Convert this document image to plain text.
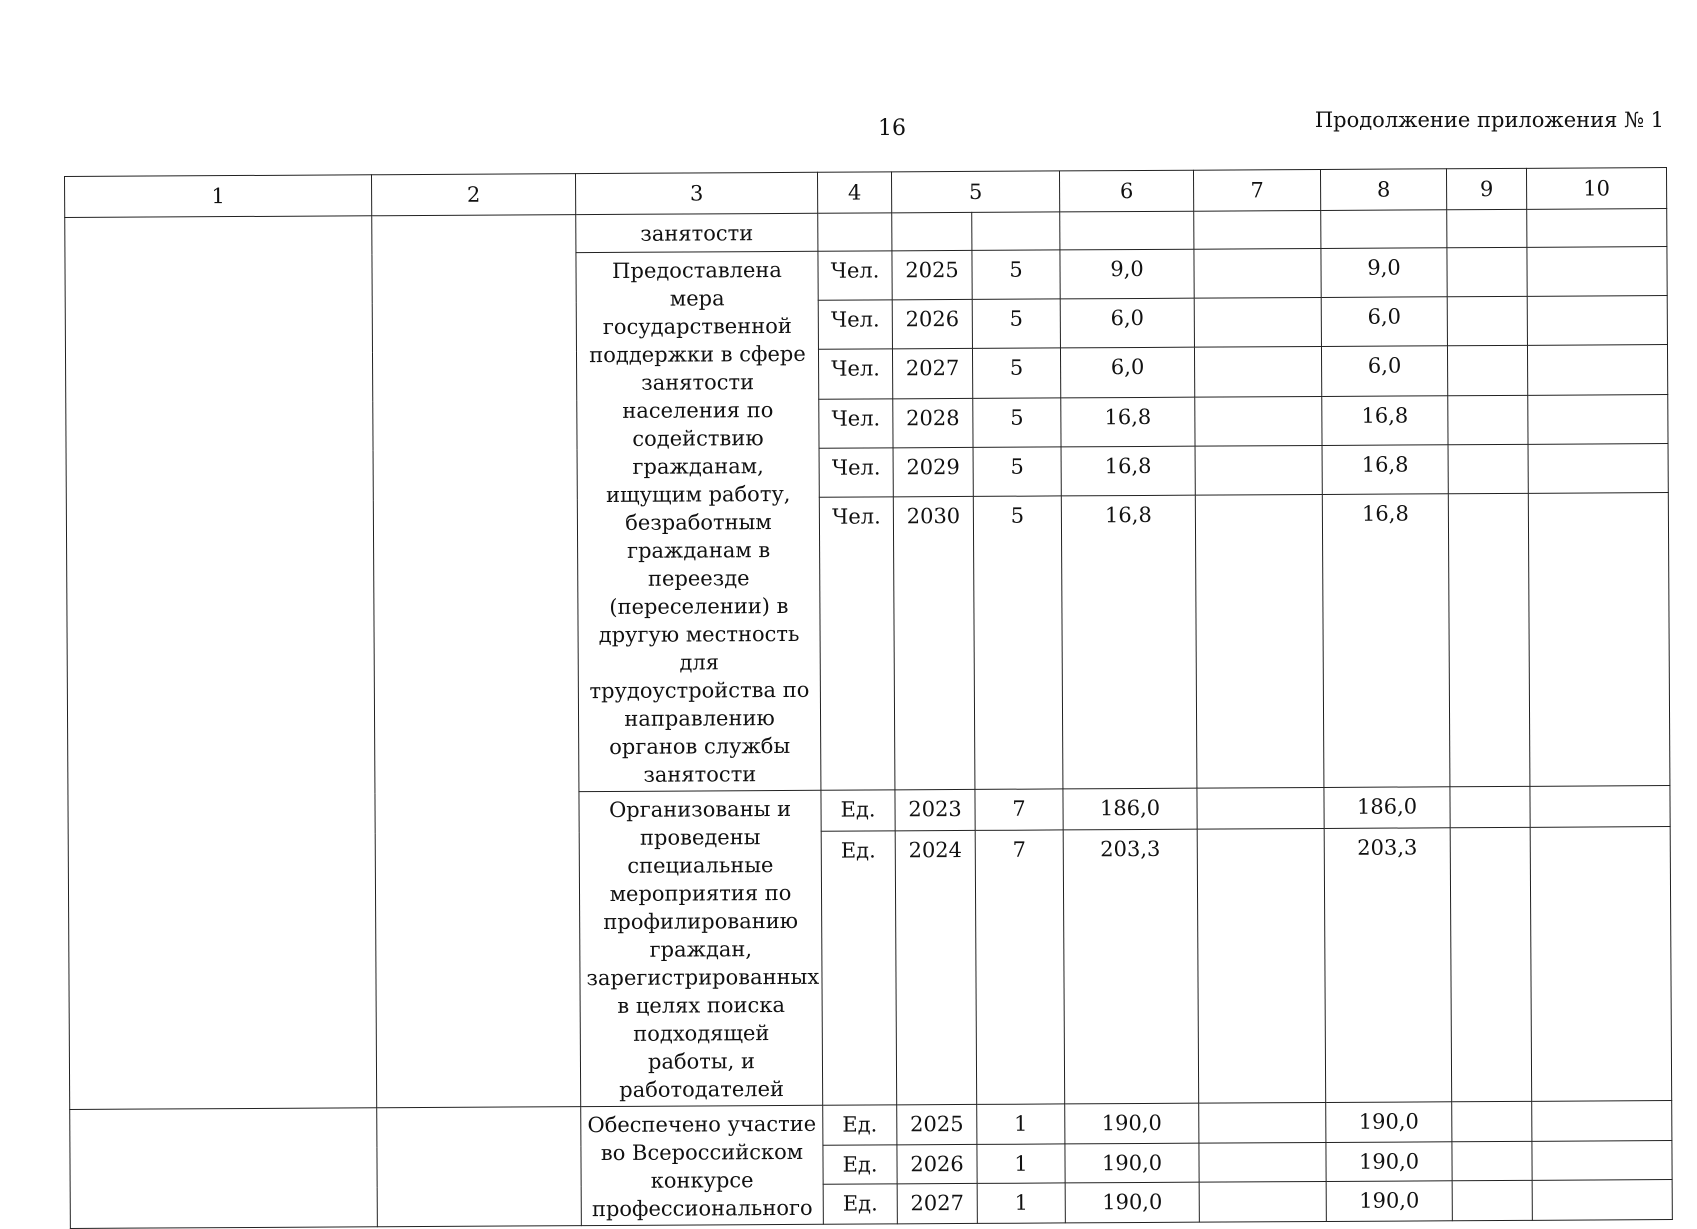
16	Продолжение приложения № 1
1	2	3	4	5		6	7	8	9	10
		занятости								
		Предоставлена мера государственной поддержки в сфере занятости населения по содействию гражданам, ищущим работу, безработным гражданам в переезде (переселении) в другую местность для трудоустройства по направлению органов службы занятости	Чел.	2025	5	9,0		9,0		
			Чел.	2026	5	6,0		6,0		
			Чел.	2027	5	6,0		6,0		
			Чел.	2028	5	16,8		16,8		
			Чел.	2029	5	16,8		16,8		
			Чел.	2030	5	16,8		16,8		
		Организованы и проведены специальные мероприятия по профилированию граждан, зарегистрированных в целях поиска подходящей работы, и работодателей	Ед.	2023	7	186,0		186,0		
			Ед.	2024	7	203,3		203,3		
		Обеспечено участие во Всероссийском конкурсе профессионального	Ед.	2025	1	190,0		190,0		
			Ед.	2026	1	190,0		190,0		
			Ед.	2027	1	190,0		190,0		
